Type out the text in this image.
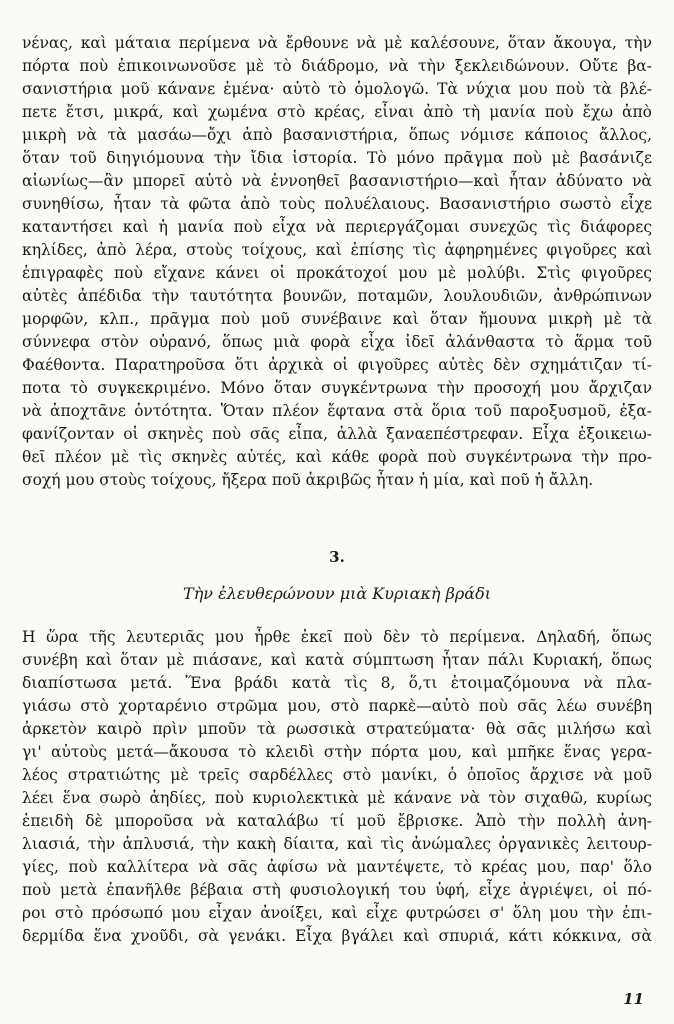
νένας, καὶ μάταια περίμενα νὰ ἔρθουνε νὰ μὲ καλέσουνε, ὅταν ἄκουγα, τὴν
πόρτα ποὺ ἐπικοινωνοῦσε μὲ τὸ διάδρομο, νὰ τὴν ξεκλειδώνουν. Οὔτε βα-
σανιστήρια μοῦ κάνανε ἐμένα· αὐτὸ τὸ ὁμολογῶ. Τὰ νύχια μου ποὺ τὰ βλέ-
πετε ἔτσι, μικρά, καὶ χωμένα στὸ κρέας, εἶναι ἀπὸ τὴ μανία ποὺ ἔχω ἀπὸ
μικρὴ νὰ τὰ μασάω—ὄχι ἀπὸ βασανιστήρια, ὅπως νόμισε κάποιος ἄλλος,
ὅταν τοῦ διηγιόμουνα τὴν ἴδια ἱστορία. Τὸ μόνο πρᾶγμα ποὺ μὲ βασάνιζε
αἰωνίως—ἂν μπορεῖ αὐτὸ νὰ ἐννοηθεῖ βασανιστήριο—καὶ ἦταν ἀδύνατο νὰ
συνηθίσω, ἦταν τὰ φῶτα ἀπὸ τοὺς πολυέλαιους. Βασανιστήριο σωστὸ εἶχε
καταντήσει καὶ ἡ μανία ποὺ εἶχα νὰ περιεργάζομαι συνεχῶς τὶς διάφορες
κηλίδες, ἀπὸ λέρα, στοὺς τοίχους, καὶ ἐπίσης τὶς ἀφηρημένες φιγοῦρες καὶ
ἐπιγραφὲς ποὺ εἴχανε κάνει οἱ προκάτοχοί μου μὲ μολύβι. Στὶς φιγοῦρες
αὐτὲς ἀπέδιδα τὴν ταυτότητα βουνῶν, ποταμῶν, λουλουδιῶν, ἀνθρώπινων
μορφῶν, κλπ., πρᾶγμα ποὺ μοῦ συνέβαινε καὶ ὅταν ἤμουνα μικρὴ μὲ τὰ
σύννεφα στὸν οὐρανό, ὅπως μιὰ φορὰ εἶχα ἰδεῖ ἀλάνθαστα τὸ ἅρμα τοῦ
Φαέθοντα. Παρατηροῦσα ὅτι ἀρχικὰ οἱ φιγοῦρες αὐτὲς δὲν σχημάτιζαν τί-
ποτα τὸ συγκεκριμένο. Μόνο ὅταν συγκέντρωνα τὴν προσοχή μου ἄρχιζαν
νὰ ἀποχτᾶνε ὀντότητα. Ὅταν πλέον ἔφτανα στὰ ὅρια τοῦ παροξυσμοῦ, ἐξα-
φανίζονταν οἱ σκηνὲς ποὺ σᾶς εἶπα, ἀλλὰ ξαναεπέστρεφαν. Εἶχα ἐξοικειω-
θεῖ πλέον μὲ τὶς σκηνὲς αὐτές, καὶ κάθε φορὰ ποὺ συγκέντρωνα τὴν προ-
σοχή μου στοὺς τοίχους, ἤξερα ποῦ ἀκριβῶς ἦταν ἡ μία, καὶ ποῦ ἡ ἄλλη.
3.
Τὴν ἐλευθερώνουν μιὰ Κυριακὴ βράδι
Η ὥρα τῆς λευτεριᾶς μου ἦρθε ἐκεῖ ποὺ δὲν τὸ περίμενα. Δηλαδή, ὅπως
συνέβη καὶ ὅταν μὲ πιάσανε, καὶ κατὰ σύμπτωση ἦταν πάλι Κυριακή, ὅπως
διαπίστωσα μετά. Ἕνα βράδι κατὰ τὶς 8, ὅ,τι ἑτοιμαζόμουνα νὰ πλα-
γιάσω στὸ χορταρένιο στρῶμα μου, στὸ παρκὲ—αὐτὸ ποὺ σᾶς λέω συνέβη
ἀρκετὸν καιρὸ πρὶν μποῦν τὰ ρωσσικὰ στρατεύματα· θὰ σᾶς μιλήσω καὶ
γι' αὐτοὺς μετά—ἄκουσα τὸ κλειδὶ στὴν πόρτα μου, καὶ μπῆκε ἕνας γερα-
λέος στρατιώτης μὲ τρεῖς σαρδέλλες στὸ μανίκι, ὁ ὁποῖος ἄρχισε νὰ μοῦ
λέει ἕνα σωρὸ ἀηδίες, ποὺ κυριολεκτικὰ μὲ κάνανε νὰ τὸν σιχαθῶ, κυρίως
ἐπειδὴ δὲ μποροῦσα νὰ καταλάβω τί μοῦ ἔβρισκε. Ἀπὸ τὴν πολλὴ ἀνη-
λιασιά, τὴν ἀπλυσιά, τὴν κακὴ δίαιτα, καὶ τὶς ἀνώμαλες ὀργανικὲς λειτουρ-
γίες, ποὺ καλλίτερα νὰ σᾶς ἀφίσω νὰ μαντέψετε, τὸ κρέας μου, παρ' ὅλο
ποὺ μετὰ ἐπανῆλθε βέβαια στὴ φυσιολογική του ὑφή, εἶχε ἀγριέψει, οἱ πό-
ροι στὸ πρόσωπό μου εἶχαν ἀνοίξει, καὶ εἶχε φυτρώσει σ' ὅλη μου τὴν ἐπι-
δερμίδα ἕνα χνοῦδι, σὰ γενάκι. Εἶχα βγάλει καὶ σπυριά, κάτι κόκκινα, σὰ
11
